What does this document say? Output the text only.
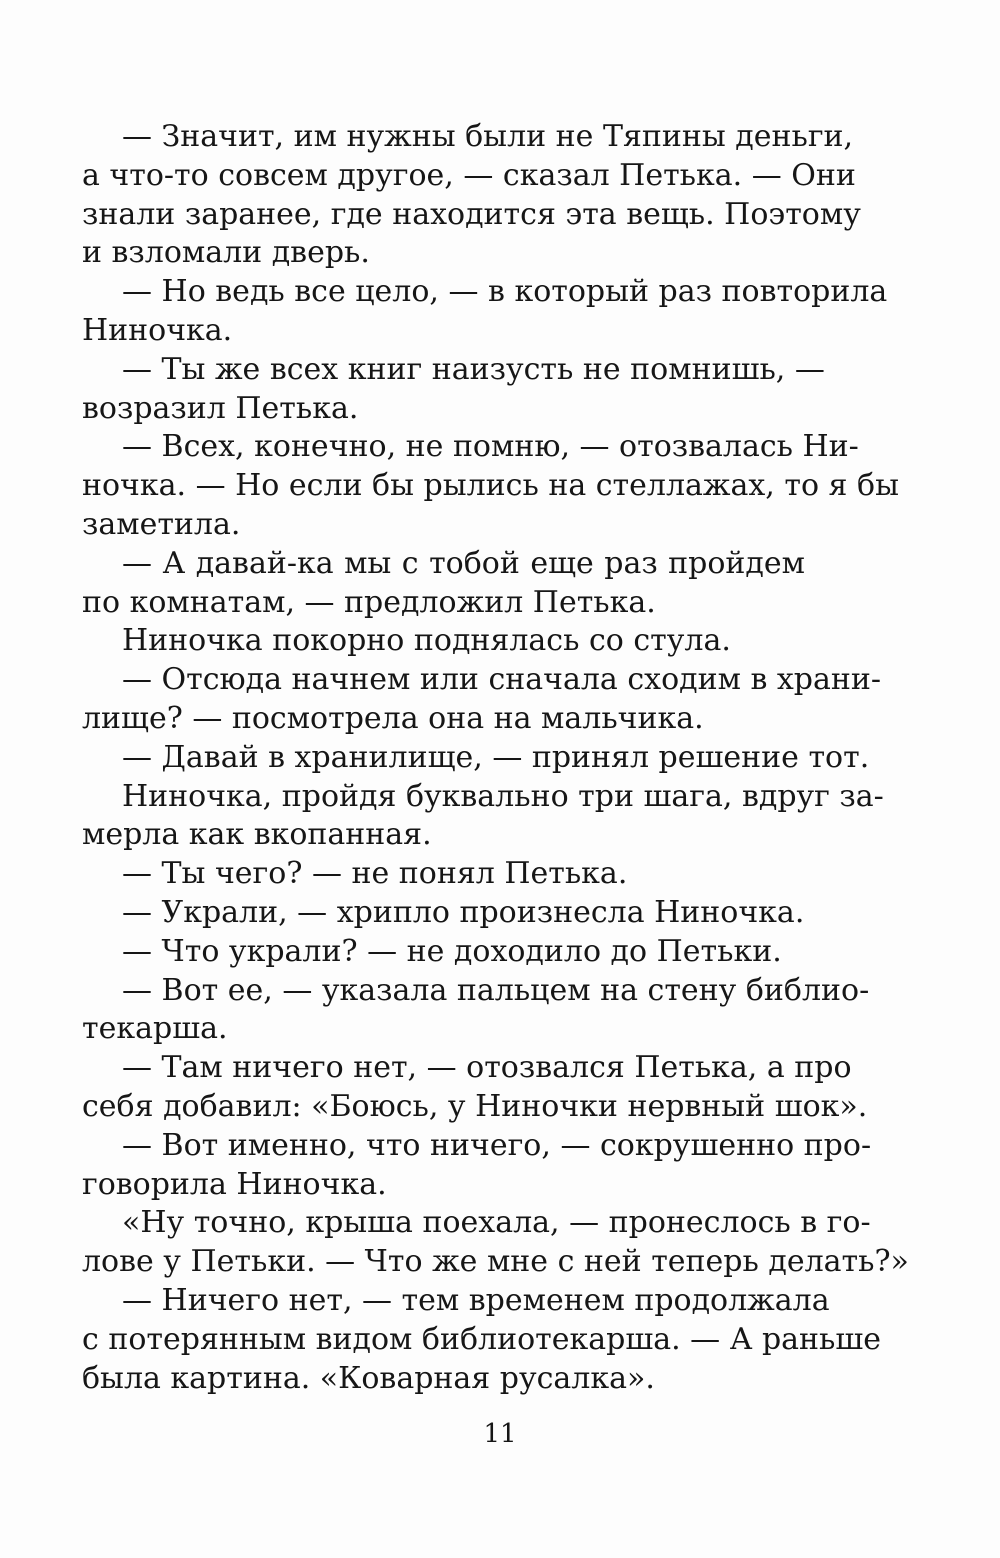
— Значит, им нужны были не Тяпины деньги,
а что-то совсем другое, — сказал Петька. — Они
знали заранее, где находится эта вещь. Поэтому
и взломали дверь.
— Но ведь все цело, — в который раз повторила
Ниночка.
— Ты же всех книг наизусть не помнишь, —
возразил Петька.
— Всех, конечно, не помню, — отозвалась Ни-
ночка. — Но если бы рылись на стеллажах, то я бы
заметила.
— А давай-ка мы с тобой еще раз пройдем
по комнатам, — предложил Петька.
Ниночка покорно поднялась со стула.
— Отсюда начнем или сначала сходим в храни-
лище? — посмотрела она на мальчика.
— Давай в хранилище, — принял решение тот.
Ниночка, пройдя буквально три шага, вдруг за-
мерла как вкопанная.
— Ты чего? — не понял Петька.
— Украли, — хрипло произнесла Ниночка.
— Что украли? — не доходило до Петьки.
— Вот ее, — указала пальцем на стену библио-
текарша.
— Там ничего нет, — отозвался Петька, а про
себя добавил: «Боюсь, у Ниночки нервный шок».
— Вот именно, что ничего, — сокрушенно про-
говорила Ниночка.
«Ну точно, крыша поехала, — пронеслось в го-
лове у Петьки. — Что же мне с ней теперь делать?»
— Ничего нет, — тем временем продолжала
с потерянным видом библиотекарша. — А раньше
была картина. «Коварная русалка».
11
